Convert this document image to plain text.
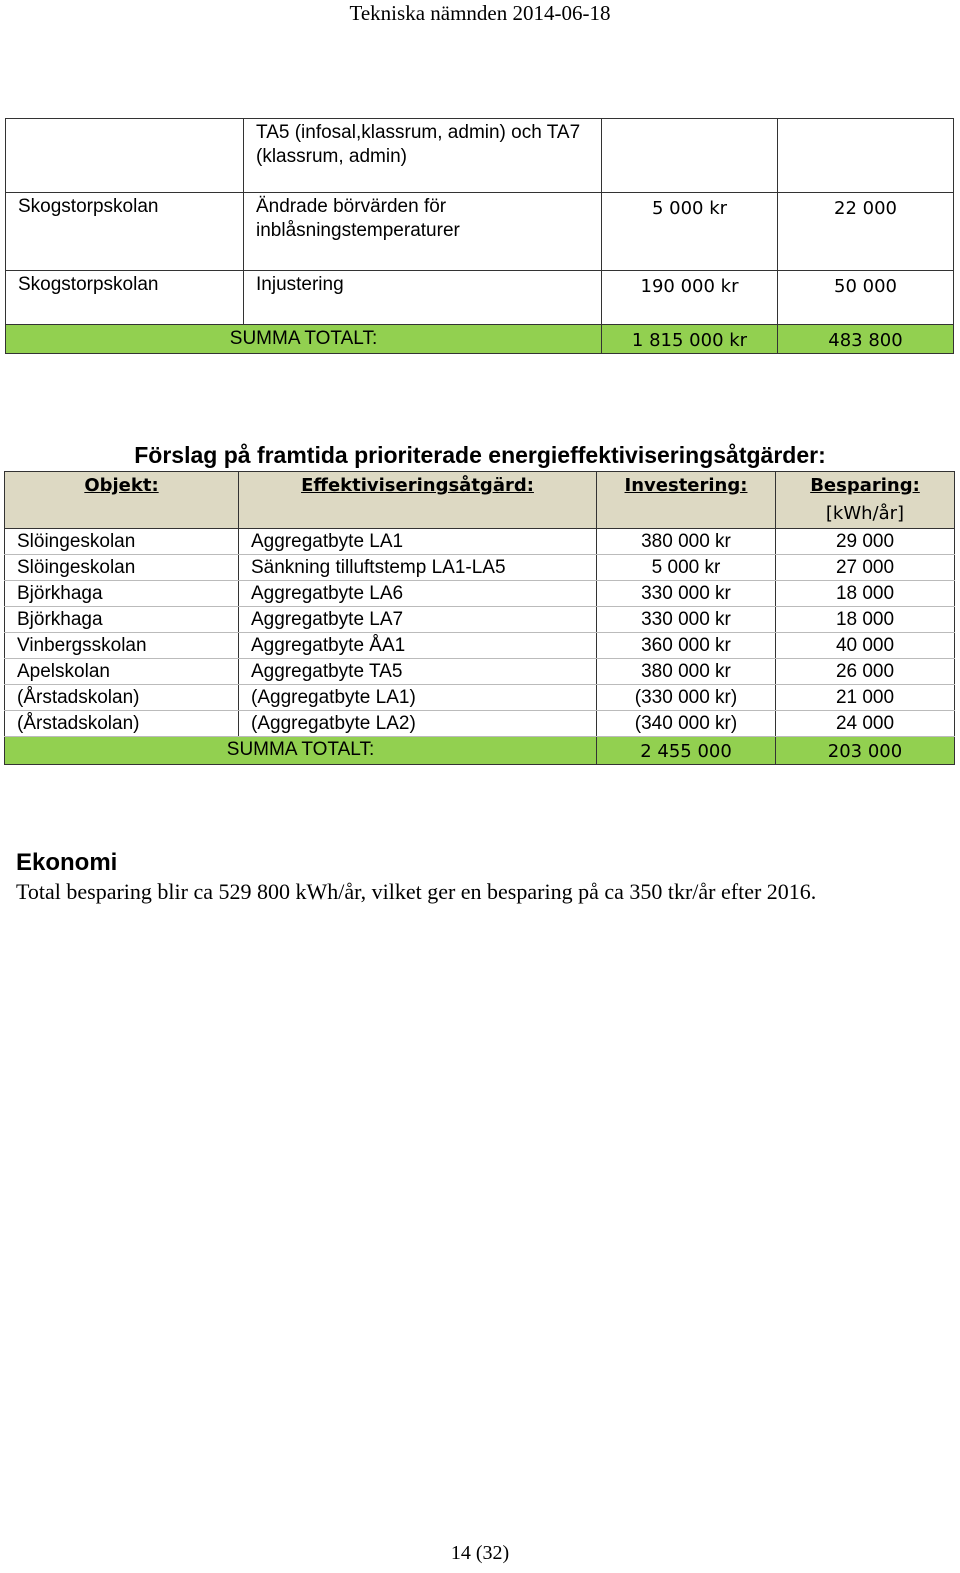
Tekniska nämnden 2014-06-18
	TA5 (infosal,klassrum, admin) och TA7 (klassrum, admin)		
Skogstorpskolan	Ändrade börvärden för inblåsningstemperaturer	5 000 kr	22 000
Skogstorpskolan	Injustering	190 000 kr	50 000
SUMMA TOTALT:		1 815 000 kr	483 800
Förslag på framtida prioriterade energieffektiviseringsåtgärder:
Objekt:	Effektiviseringsåtgärd:	Investering:	Besparing:
[kWh/år]

Slöingeskolan	Aggregatbyte LA1	380 000 kr	29 000
Slöingeskolan	Sänkning tilluftstemp LA1-LA5	5 000 kr	27 000
Björkhaga	Aggregatbyte LA6	330 000 kr	18 000
Björkhaga	Aggregatbyte LA7	330 000 kr	18 000
Vinbergsskolan	Aggregatbyte ÅA1	360 000 kr	40 000
Apelskolan	Aggregatbyte TA5	380 000 kr	26 000
(Årstadskolan)	(Aggregatbyte LA1)	(330 000 kr)	21 000
(Årstadskolan)	(Aggregatbyte LA2)	(340 000 kr)	24 000
SUMMA TOTALT:		2 455 000	203 000
Ekonomi
Total besparing blir ca 529 800 kWh/år, vilket ger en besparing på ca 350 tkr/år efter 2016.
14 (32)
